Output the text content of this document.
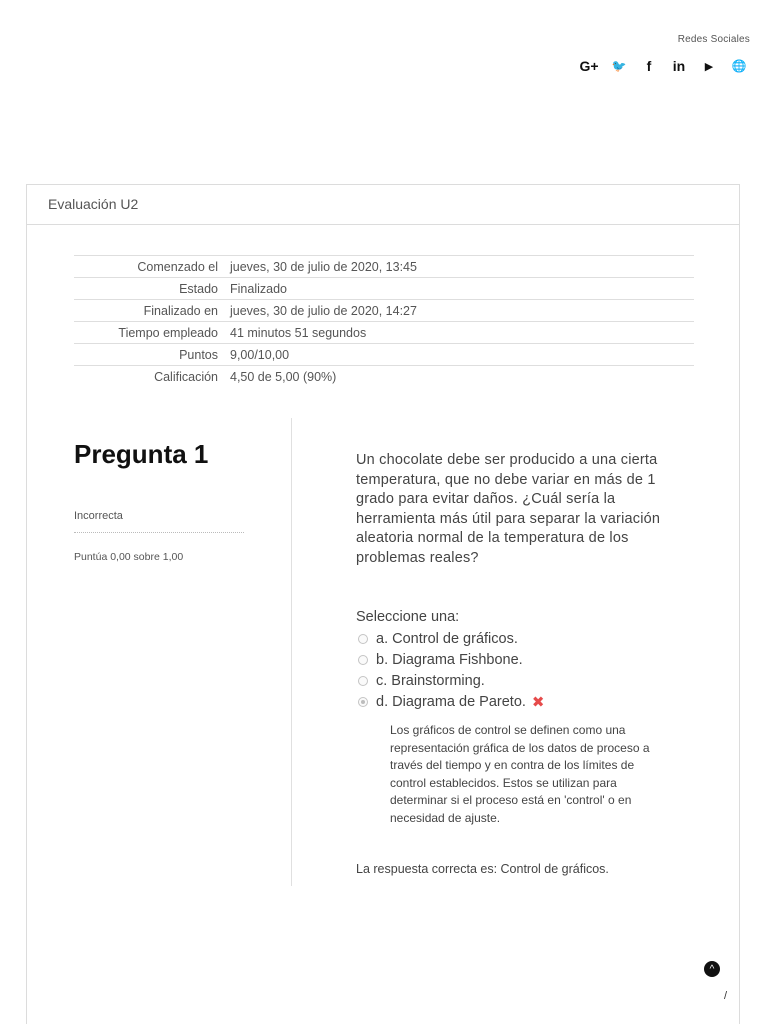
Redes Sociales
G+ 🐦	f	in	▶	🌐
Evaluación U2
Comenzado el	jueves, 30 de julio de 2020, 13:45
Estado	Finalizado
Finalizado en	jueves, 30 de julio de 2020, 14:27
Tiempo empleado	41 minutos 51 segundos
Puntos	9,00/10,00
Calificación	4,50 de 5,00 (90%)
Pregunta 1
Incorrecta
Puntúa 0,00 sobre 1,00
Un chocolate debe ser producido a una cierta temperatura, que no debe variar en más de 1 grado para evitar daños. ¿Cuál sería la herramienta más útil para separar la variación aleatoria normal de la temperatura de los problemas reales?
Seleccione una:
a. Control de gráficos.
b. Diagrama Fishbone.
c. Brainstorming.
d. Diagrama de Pareto. ✖
Los gráficos de control se definen como una representación gráfica de los datos de proceso a través del tiempo y en contra de los límites de control establecidos. Estos se utilizan para determinar si el proceso está en 'control' o en necesidad de ajuste.
La respuesta correcta es: Control de gráficos.
^
/
